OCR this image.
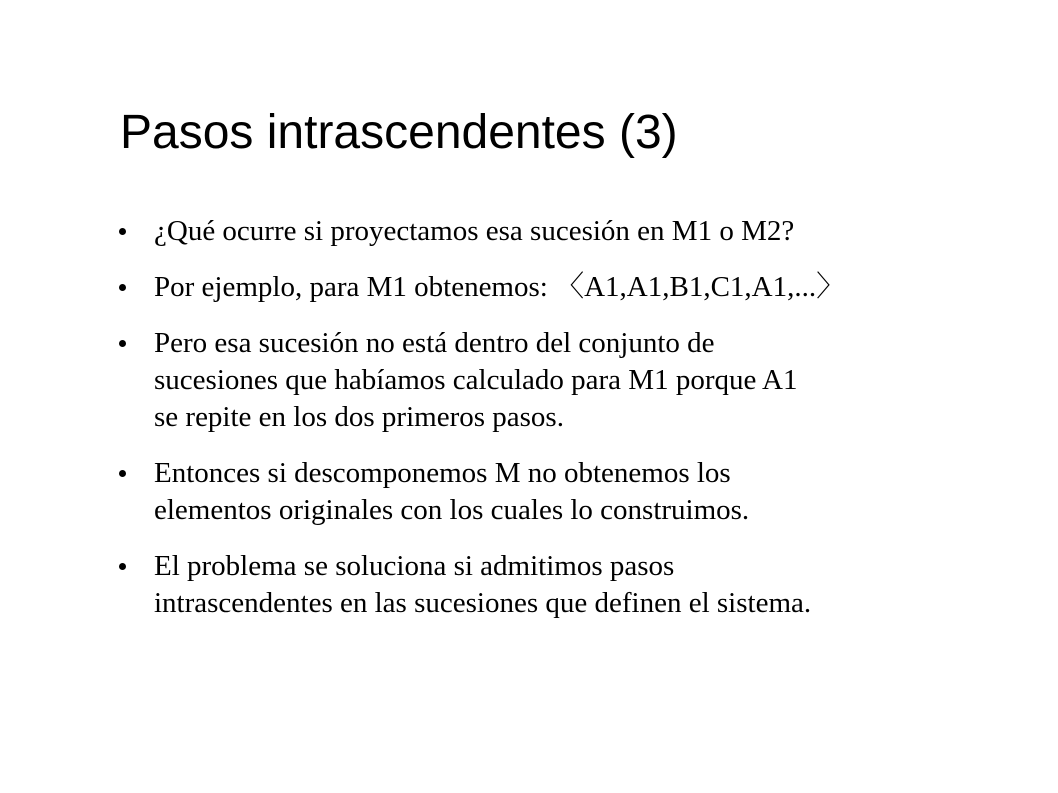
Pasos intrascendentes (3)
¿Qué ocurre si proyectamos esa sucesión en M1 o M2?
Por ejemplo, para M1 obtenemos: 〈A1,A1,B1,C1,A1,...〉
Pero esa sucesión no está dentro del conjunto de
sucesiones que habíamos calculado para M1 porque A1
se repite en los dos primeros pasos.
Entonces si descomponemos M no obtenemos los
elementos originales con los cuales lo construimos.
El problema se soluciona si admitimos pasos
intrascendentes en las sucesiones que definen el sistema.
